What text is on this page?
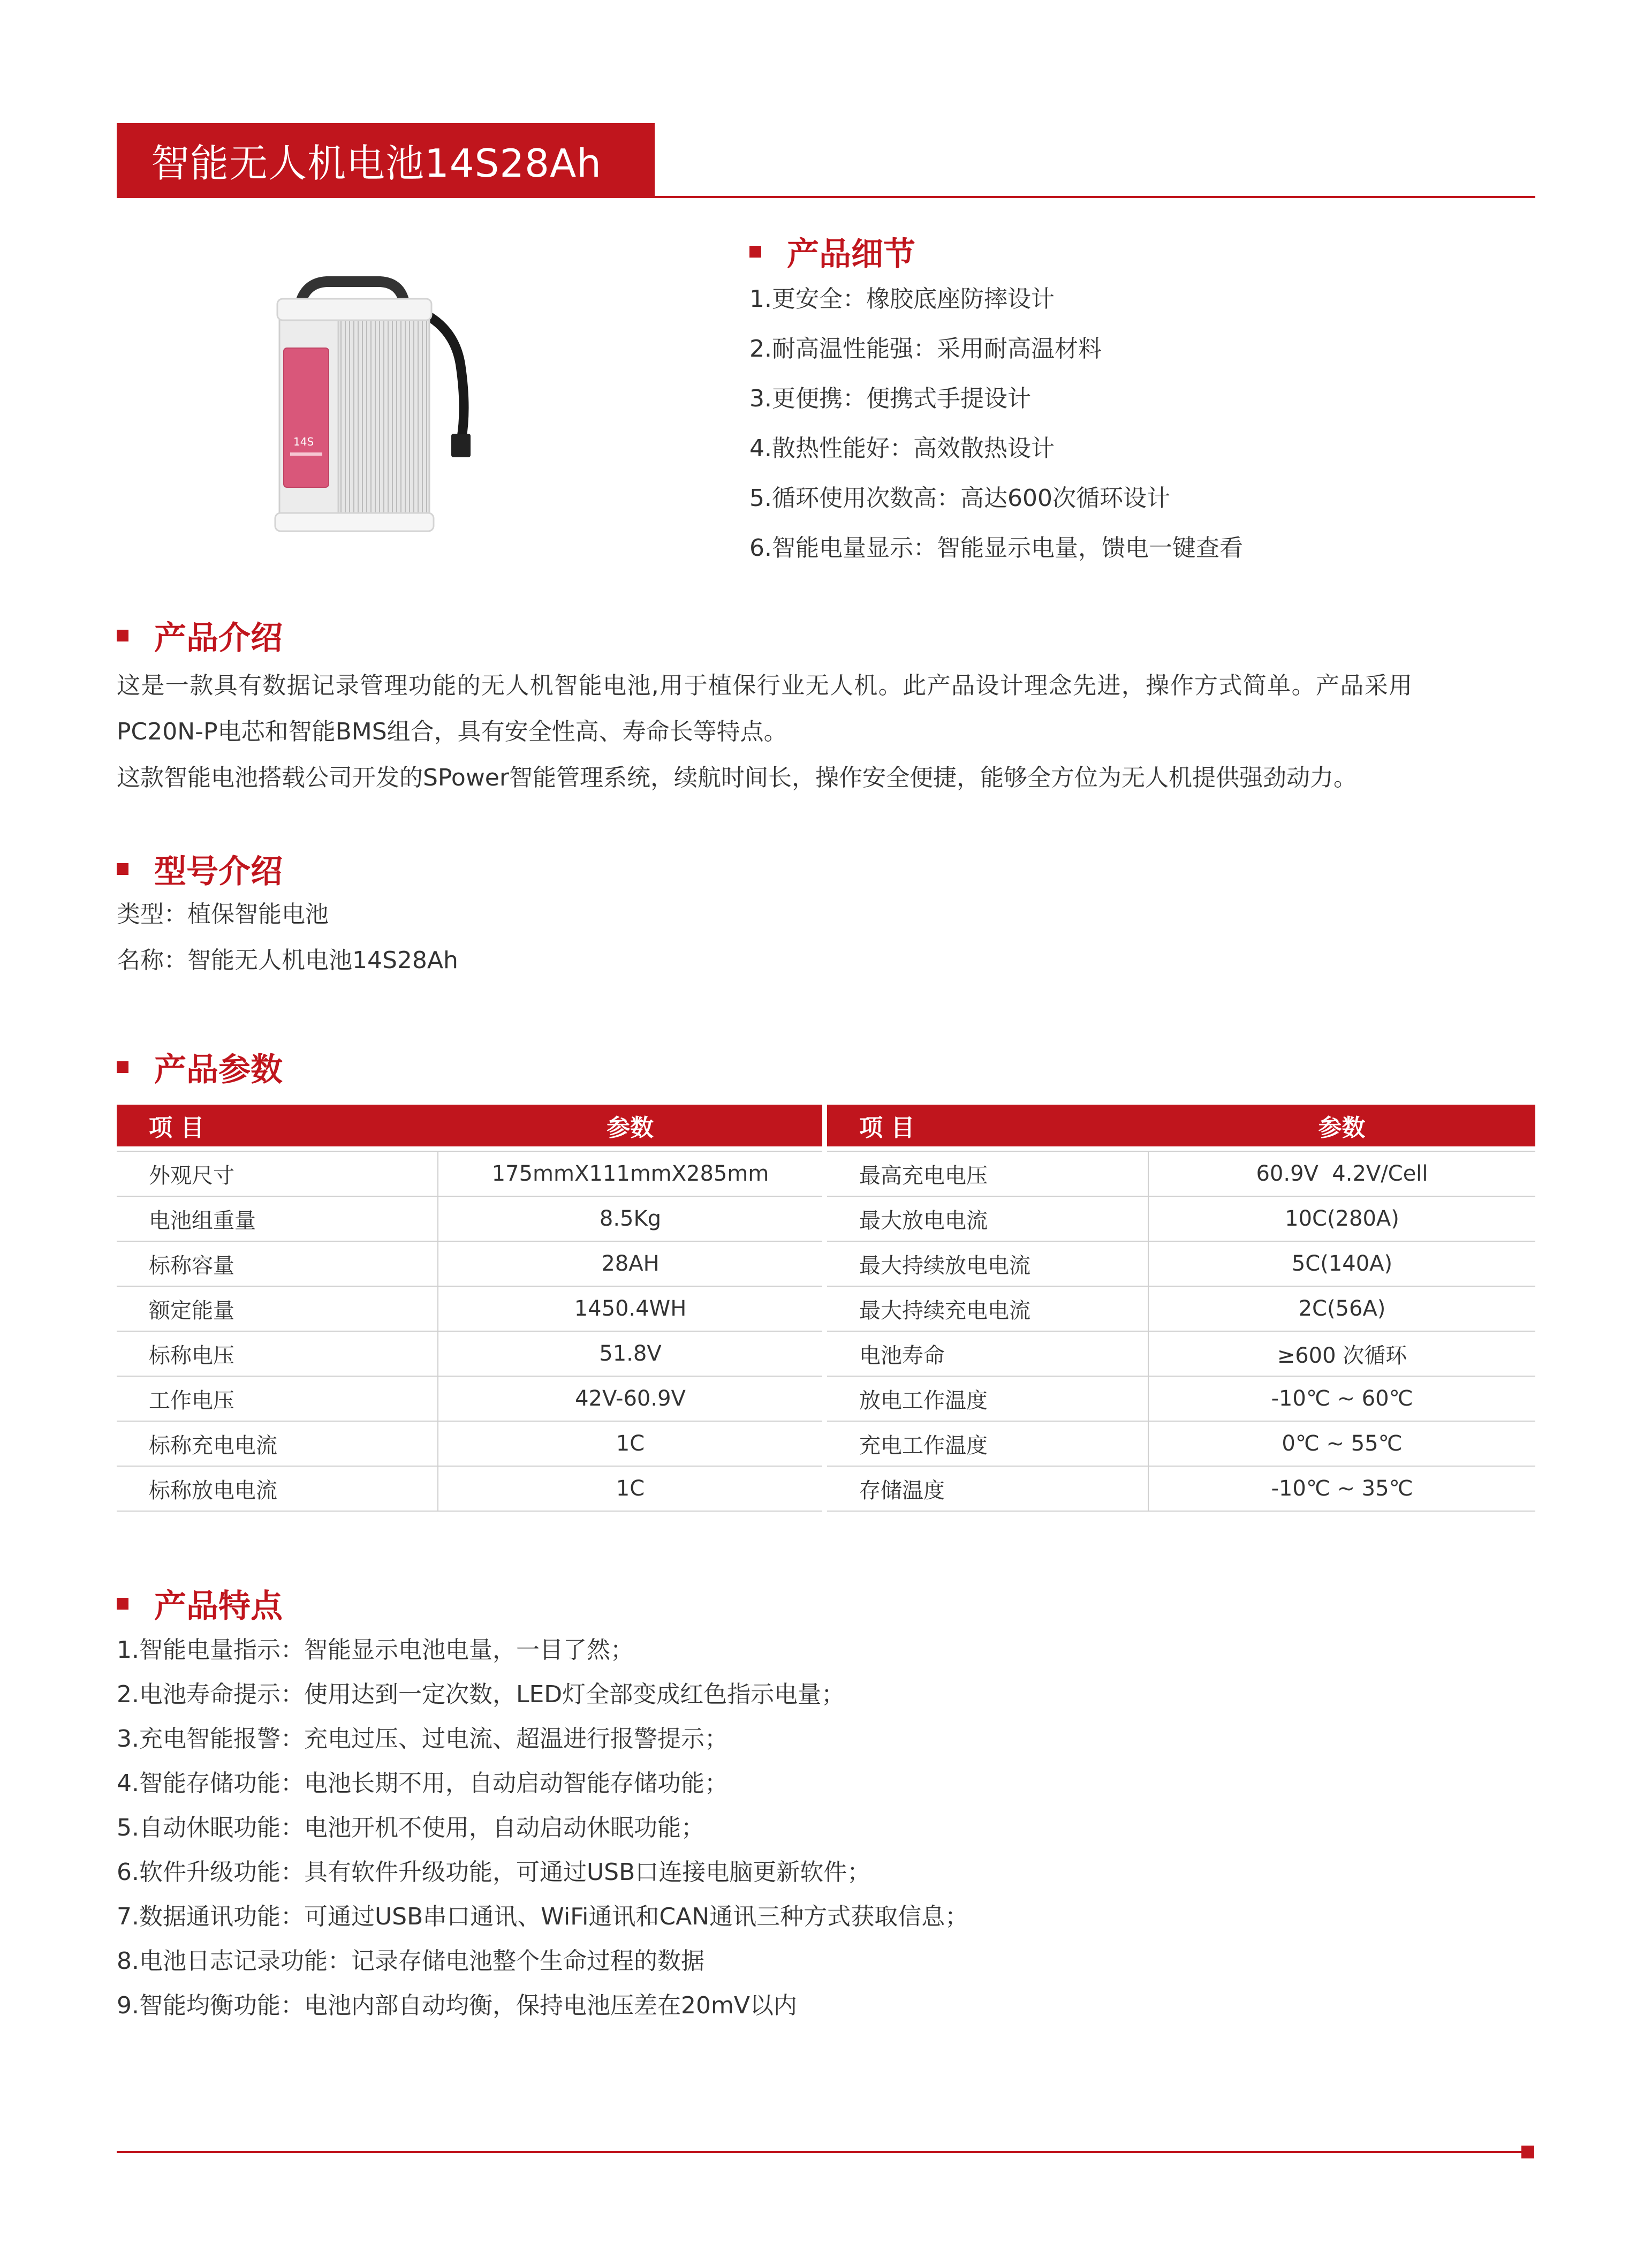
智能无人机电池14S28Ah
14S
产品细节
1.更安全：橡胶底座防摔设计
2.耐高温性能强：采用耐高温材料
3.更便携：便携式手提设计
4.散热性能好：高效散热设计
5.循环使用次数高：高达600次循环设计
6.智能电量显示：智能显示电量，馈电一键查看
产品介绍
这是一款具有数据记录管理功能的无人机智能电池,用于植保行业无人机。此产品设计理念先进，操作方式简单。产品采用
PC20N-P电芯和智能BMS组合，具有安全性高、寿命长等特点。
这款智能电池搭载公司开发的SPower智能管理系统，续航时间长，操作安全便捷，能够全方位为无人机提供强劲动力。
型号介绍
类型：植保智能电池
名称：智能无人机电池14S28Ah
产品参数
项 目	参数

外观尺寸	175mmX111mmX285mm
电池组重量	8.5Kg
标称容量	28AH
额定能量	1450.4WH
标称电压	51.8V
工作电压	42V-60.9V
标称充电电流	1C
标称放电电流	1C
项 目	参数

最高充电电压	60.9V  4.2V/Cell
最大放电电流	10C(280A)
最大持续放电电流	5C(140A)
最大持续充电电流	2C(56A)
电池寿命	≥600 次循环
放电工作温度	-10℃ ~ 60℃
充电工作温度	0℃ ~ 55℃
存储温度	-10℃ ~ 35℃
产品特点
1.智能电量指示：智能显示电池电量，一目了然；
2.电池寿命提示：使用达到一定次数，LED灯全部变成红色指示电量；
3.充电智能报警：充电过压、过电流、超温进行报警提示；
4.智能存储功能：电池长期不用，自动启动智能存储功能；
5.自动休眠功能：电池开机不使用，自动启动休眠功能；
6.软件升级功能：具有软件升级功能，可通过USB口连接电脑更新软件；
7.数据通讯功能：可通过USB串口通讯、WiFi通讯和CAN通讯三种方式获取信息；
8.电池日志记录功能：记录存储电池整个生命过程的数据
9.智能均衡功能：电池内部自动均衡，保持电池压差在20mV以内
